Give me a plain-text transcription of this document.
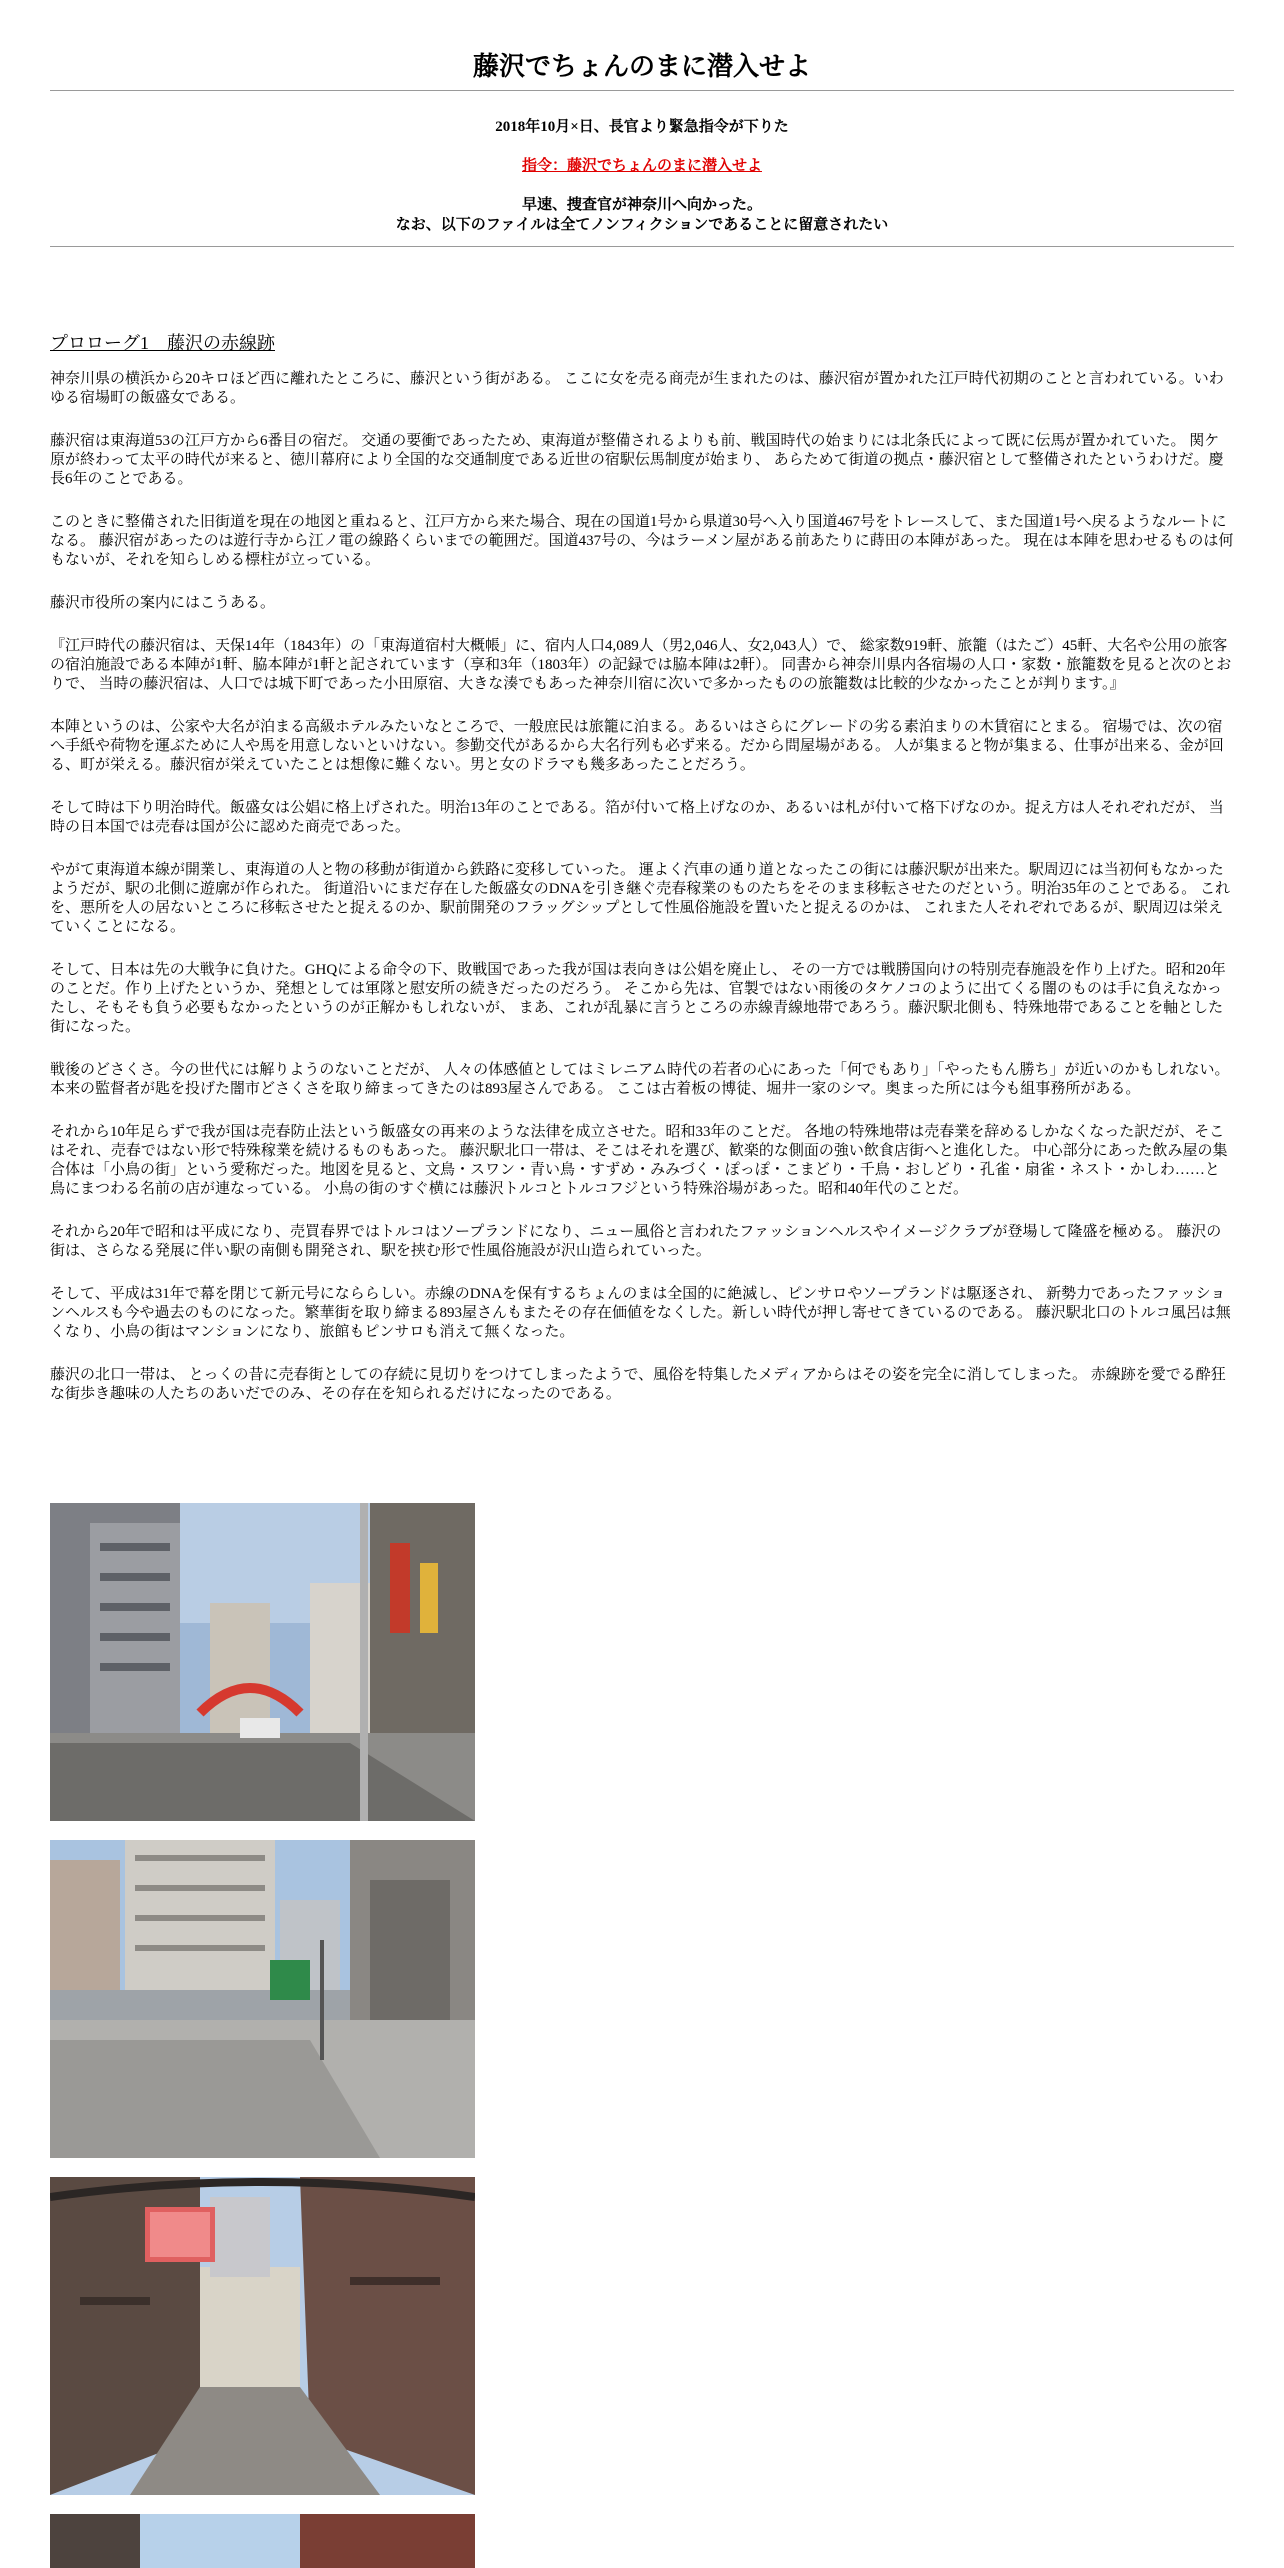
藤沢でちょんのまに潜入せよ
2018年10月×日、長官より緊急指令が下りた
指令：藤沢でちょんのまに潜入せよ
早速、捜査官が神奈川へ向かった。
なお、以下のファイルは全てノンフィクションであることに留意されたい
プロローグ1　藤沢の赤線跡

神奈川県の横浜から20キロほど西に離れたところに、藤沢という街がある。 ここに女を売る商売が生まれたのは、藤沢宿が置かれた江戸時代初期のことと言われている。いわゆる宿場町の飯盛女である。

藤沢宿は東海道53の江戸方から6番目の宿だ。 交通の要衝であったため、東海道が整備されるよりも前、戦国時代の始まりには北条氏によって既に伝馬が置かれていた。 関ケ原が終わって太平の時代が来ると、徳川幕府により全国的な交通制度である近世の宿駅伝馬制度が始まり、 あらためて街道の拠点・藤沢宿として整備されたというわけだ。慶長6年のことである。

このときに整備された旧街道を現在の地図と重ねると、江戸方から来た場合、現在の国道1号から県道30号へ入り国道467号をトレースして、また国道1号へ戻るようなルートになる。 藤沢宿があったのは遊行寺から江ノ電の線路くらいまでの範囲だ。国道437号の、今はラーメン屋がある前あたりに蒔田の本陣があった。 現在は本陣を思わせるものは何もないが、それを知らしめる標柱が立っている。

藤沢市役所の案内にはこうある。

『江戸時代の藤沢宿は、天保14年（1843年）の「東海道宿村大概帳」に、宿内人口4,089人（男2,046人、女2,043人）で、 総家数919軒、旅籠（はたご）45軒、大名や公用の旅客の宿泊施設である本陣が1軒、脇本陣が1軒と記されています（享和3年（1803年）の記録では脇本陣は2軒）。 同書から神奈川県内各宿場の人口・家数・旅籠数を見ると次のとおりで、 当時の藤沢宿は、人口では城下町であった小田原宿、大きな湊でもあった神奈川宿に次いで多かったものの旅籠数は比較的少なかったことが判ります。』

本陣というのは、公家や大名が泊まる高級ホテルみたいなところで、一般庶民は旅籠に泊まる。あるいはさらにグレードの劣る素泊まりの木賃宿にとまる。 宿場では、次の宿へ手紙や荷物を運ぶために人や馬を用意しないといけない。参勤交代があるから大名行列も必ず来る。だから問屋場がある。 人が集まると物が集まる、仕事が出来る、金が回る、町が栄える。藤沢宿が栄えていたことは想像に難くない。男と女のドラマも幾多あったことだろう。

そして時は下り明治時代。飯盛女は公娼に格上げされた。明治13年のことである。箔が付いて格上げなのか、あるいは札が付いて格下げなのか。捉え方は人それぞれだが、 当時の日本国では売春は国が公に認めた商売であった。

やがて東海道本線が開業し、東海道の人と物の移動が街道から鉄路に変移していった。 運よく汽車の通り道となったこの街には藤沢駅が出来た。駅周辺には当初何もなかったようだが、駅の北側に遊廓が作られた。 街道沿いにまだ存在した飯盛女のDNAを引き継ぐ売春稼業のものたちをそのまま移転させたのだという。明治35年のことである。 これを、悪所を人の居ないところに移転させたと捉えるのか、駅前開発のフラッグシップとして性風俗施設を置いたと捉えるのかは、 これまた人それぞれであるが、駅周辺は栄えていくことになる。

そして、日本は先の大戦争に負けた。GHQによる命令の下、敗戦国であった我が国は表向きは公娼を廃止し、 その一方では戦勝国向けの特別売春施設を作り上げた。昭和20年のことだ。作り上げたというか、発想としては軍隊と慰安所の続きだったのだろう。 そこから先は、官製ではない雨後のタケノコのように出てくる闇のものは手に負えなかったし、そもそも負う必要もなかったというのが正解かもしれないが、 まあ、これが乱暴に言うところの赤線青線地帯であろう。藤沢駅北側も、特殊地帯であることを軸とした街になった。

戦後のどさくさ。今の世代には解りようのないことだが、 人々の体感値としてはミレニアム時代の若者の心にあった「何でもあり」「やったもん勝ち」が近いのかもしれない。 本来の監督者が匙を投げた闇市どさくさを取り締まってきたのは893屋さんである。 ここは古着板の博徒、堀井一家のシマ。奥まった所には今も組事務所がある。

それから10年足らずで我が国は売春防止法という飯盛女の再来のような法律を成立させた。昭和33年のことだ。 各地の特殊地帯は売春業を辞めるしかなくなった訳だが、そこはそれ、売春ではない形で特殊稼業を続けるものもあった。 藤沢駅北口一帯は、そこはそれを選び、歓楽的な側面の強い飲食店街へと進化した。 中心部分にあった飲み屋の集合体は「小鳥の街」という愛称だった。地図を見ると、文鳥・スワン・青い鳥・すずめ・みみづく・ぽっぽ・こまどり・千鳥・おしどり・孔雀・扇雀・ネスト・かしわ……と鳥にまつわる名前の店が連なっている。 小鳥の街のすぐ横には藤沢トルコとトルコフジという特殊浴場があった。昭和40年代のことだ。

それから20年で昭和は平成になり、売買春界ではトルコはソープランドになり、ニュー風俗と言われたファッションヘルスやイメージクラブが登場して隆盛を極める。 藤沢の街は、さらなる発展に伴い駅の南側も開発され、駅を挟む形で性風俗施設が沢山造られていった。

そして、平成は31年で幕を閉じて新元号になららしい。赤線のDNAを保有するちょんのまは全国的に絶滅し、ピンサロやソープランドは駆逐され、 新勢力であったファッションヘルスも今や過去のものになった。繁華街を取り締まる893屋さんもまたその存在価値をなくした。新しい時代が押し寄せてきているのである。 藤沢駅北口のトルコ風呂は無くなり、小鳥の街はマンションになり、旅館もピンサロも消えて無くなった。

藤沢の北口一帯は、 とっくの昔に売春街としての存続に見切りをつけてしまったようで、風俗を特集したメディアからはその姿を完全に消してしまった。 赤線跡を愛でる酔狂な街歩き趣味の人たちのあいだでのみ、その存在を知られるだけになったのである。
